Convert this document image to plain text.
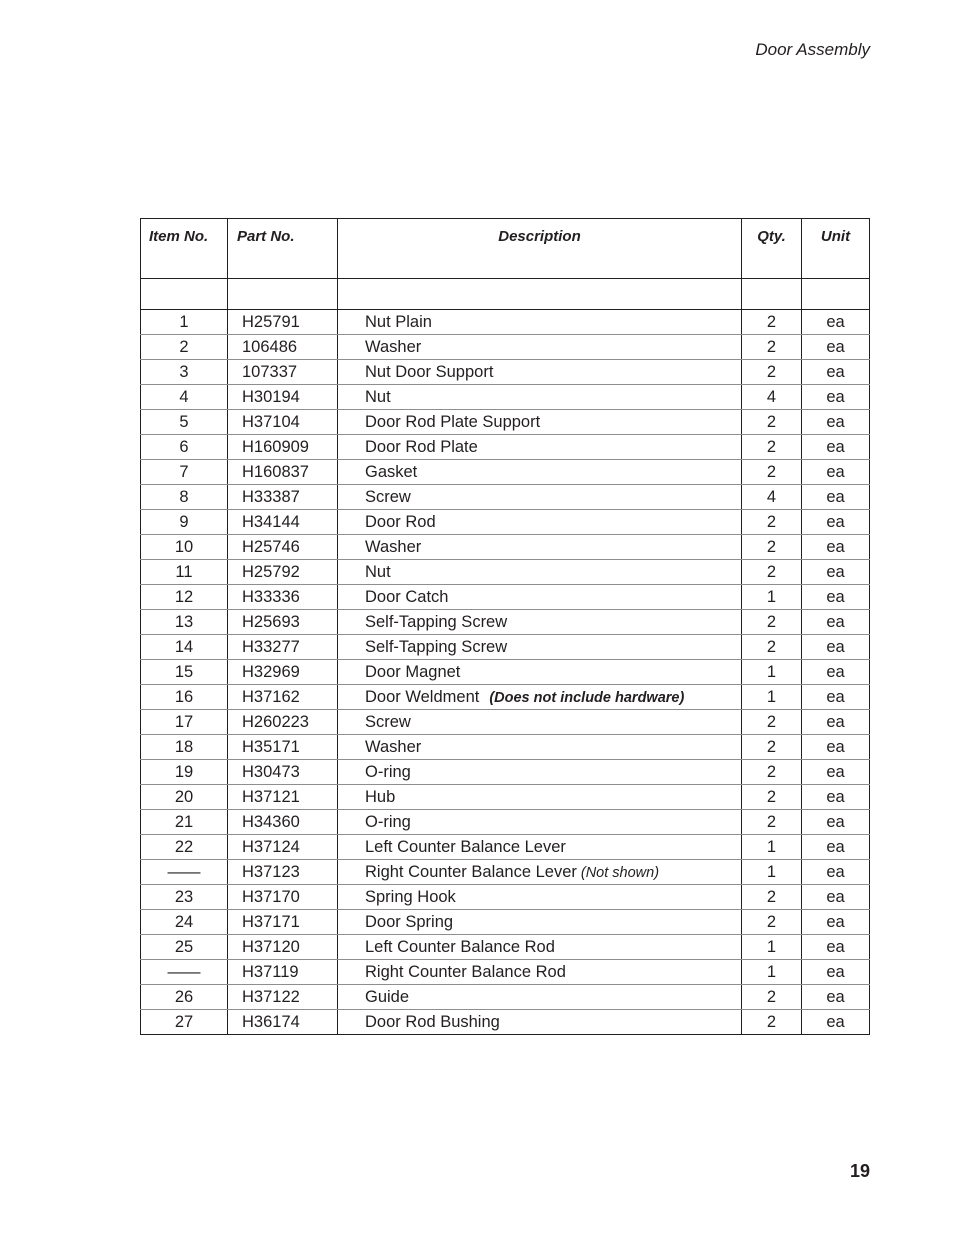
Door Assembly
Item No.	Part No.	Description	Qty.	Unit

1	H25791	Nut Plain	2	ea
2	106486	Washer	2	ea
3	107337	Nut Door Support	2	ea
4	H30194	Nut	4	ea
5	H37104	Door Rod Plate Support	2	ea
6	H160909	Door Rod Plate	2	ea
7	H160837	Gasket	2	ea
8	H33387	Screw	4	ea
9	H34144	Door Rod	2	ea
10	H25746	Washer	2	ea
11	H25792	Nut	2	ea
12	H33336	Door Catch	1	ea
13	H25693	Self-Tapping Screw	2	ea
14	H33277	Self-Tapping Screw	2	ea
15	H32969	Door Magnet	1	ea
16	H37162	Door Weldment (Does not include hardware)	1	ea
17	H260223	Screw	2	ea
18	H35171	Washer	2	ea
19	H30473	O-ring	2	ea
20	H37121	Hub	2	ea
21	H34360	O-ring	2	ea
22	H37124	Left Counter Balance Lever	1	ea
——	H37123	Right Counter Balance Lever (Not shown)	1	ea
23	H37170	Spring Hook	2	ea
24	H37171	Door Spring	2	ea
25	H37120	Left Counter Balance Rod	1	ea
——	H37119	Right Counter Balance Rod	1	ea
26	H37122	Guide	2	ea
27	H36174	Door Rod Bushing	2	ea
19
